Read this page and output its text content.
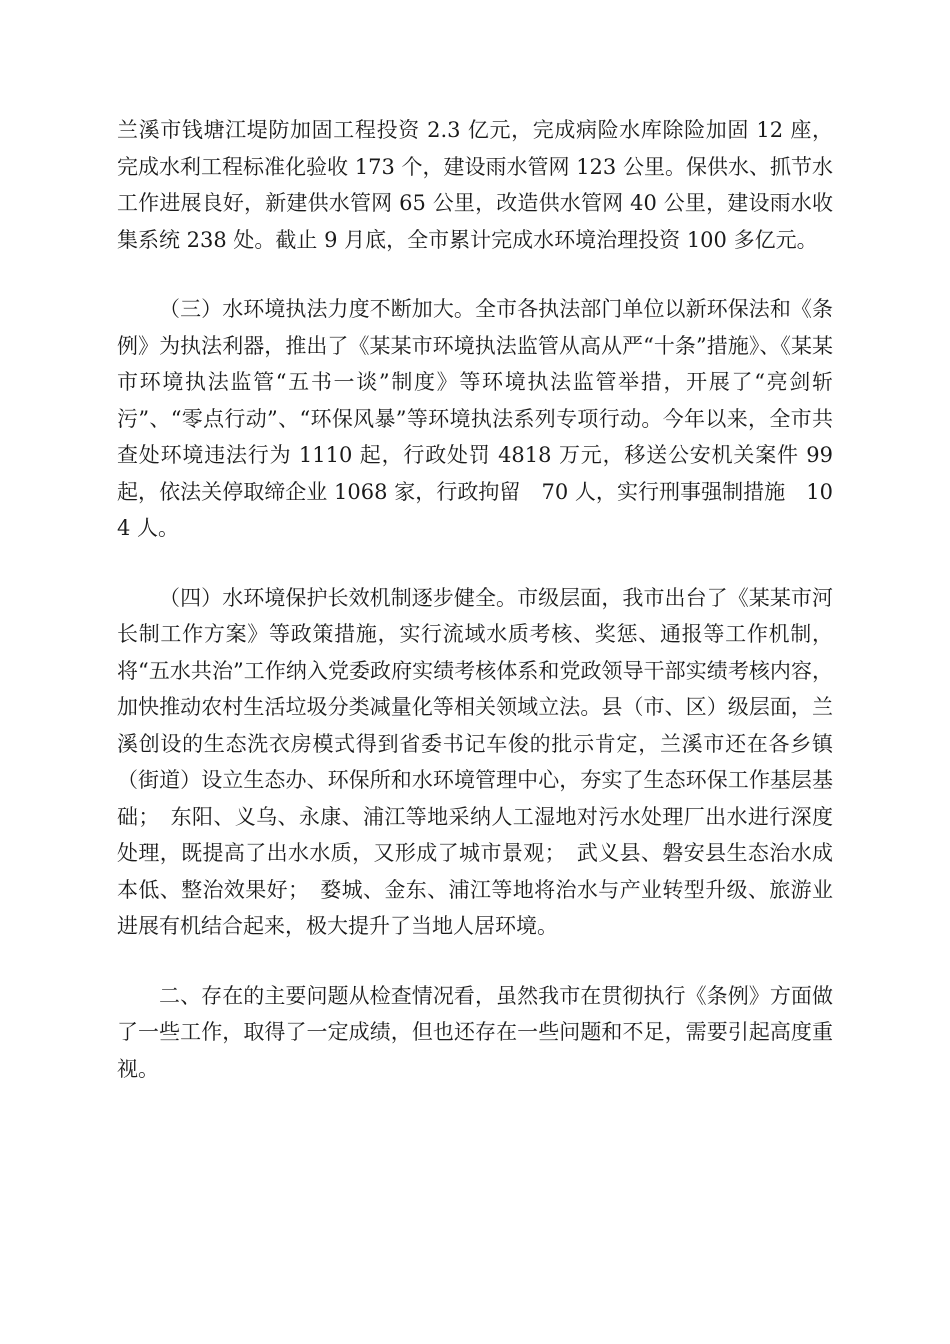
兰溪市钱塘江堤防加固工程投资 2.3 亿元，完成病险水库除险加固 12 座，完成水利工程标准化验收 173 个，建设雨水管网 123 公里。保供水、抓节水工作进展良好，新建供水管网 65 公里，改造供水管网 40 公里，建设雨水收集系统 238 处。截止 9 月底，全市累计完成水环境治理投资 100 多亿元。

（三）水环境执法力度不断加大。全市各执法部门单位以新环保法和《条例》为执法利器，推出了《某某市环境执法监管从高从严“十条”措施》、《某某市环境执法监管“五书一谈”制度》等环境执法监管举措，开展了“亮剑斩污”、“零点行动”、“环保风暴”等环境执法系列专项行动。今年以来，全市共查处环境违法行为 1110 起，行政处罚 4818 万元，移送公安机关案件 99 起，依法关停取缔企业 1068 家，行政拘留　70 人，实行刑事强制措施　104 人。

（四）水环境保护长效机制逐步健全。市级层面，我市出台了《某某市河长制工作方案》等政策措施，实行流域水质考核、奖惩、通报等工作机制，将“五水共治”工作纳入党委政府实绩考核体系和党政领导干部实绩考核内容，加快推动农村生活垃圾分类减量化等相关领域立法。县（市、区）级层面，兰溪创设的生态洗衣房模式得到省委书记车俊的批示肯定，兰溪市还在各乡镇（街道）设立生态办、环保所和水环境管理中心，夯实了生态环保工作基层基础；　东阳、义乌、永康、浦江等地采纳人工湿地对污水处理厂出水进行深度处理，既提高了出水水质，又形成了城市景观；　武义县、磐安县生态治水成本低、整治效果好；　婺城、金东、浦江等地将治水与产业转型升级、旅游业进展有机结合起来，极大提升了当地人居环境。

二、存在的主要问题从检查情况看，虽然我市在贯彻执行《条例》方面做了一些工作，取得了一定成绩，但也还存在一些问题和不足，需要引起高度重视。
